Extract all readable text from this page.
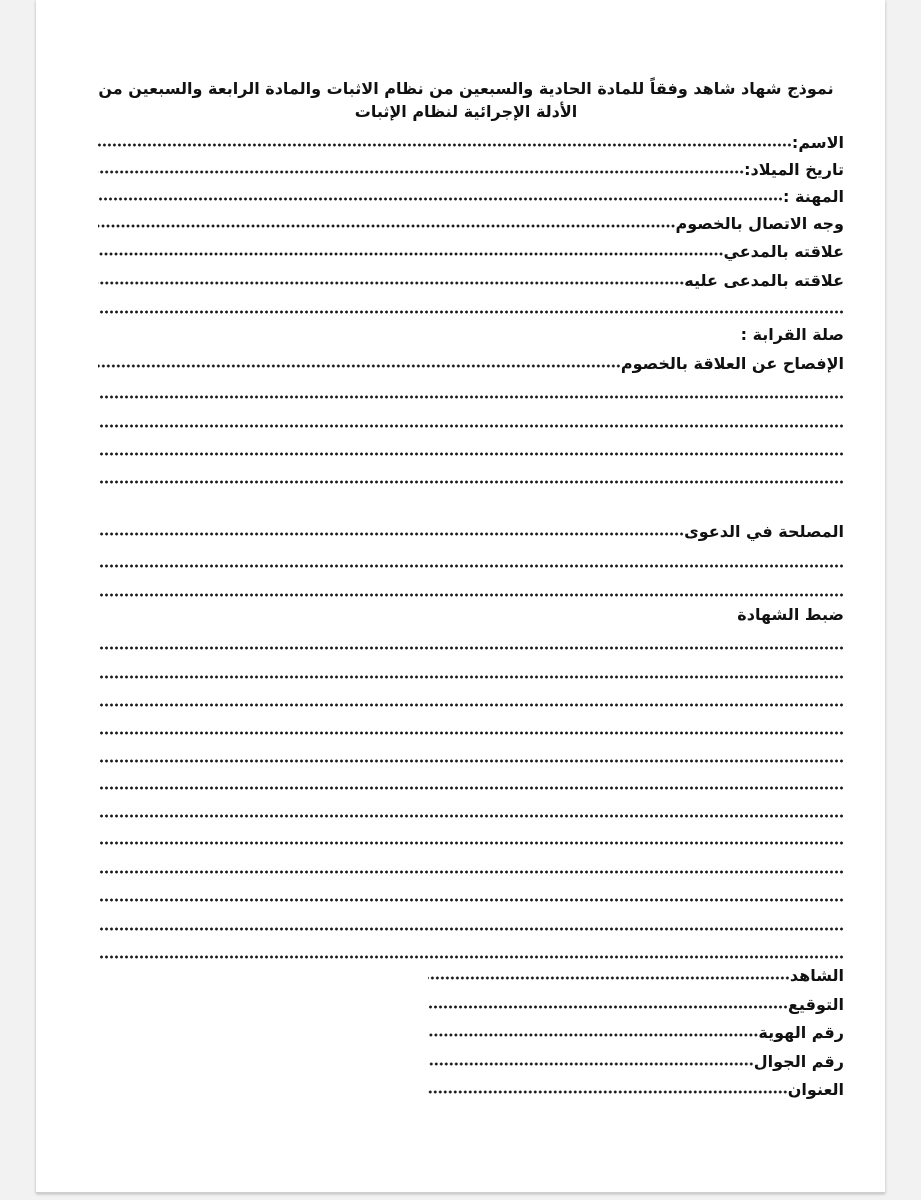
نموذج شهاد شاهد وفقاً للمادة الحادية والسبعين من نظام الاثبات والمادة الرابعة والسبعين من
الأدلة الإجرائية لنظام الإثبات
الاسم:
تاريخ الميلاد:
المهنة :
وجه الاتصال بالخصوم
علاقته بالمدعي
علاقته بالمدعى عليه
صلة القرابة :
الإفصاح عن العلاقة بالخصوم
المصلحة في الدعوى
ضبط الشهادة
الشاهد
التوقيع
رقم الهوية
رقم الجوال
العنوان
